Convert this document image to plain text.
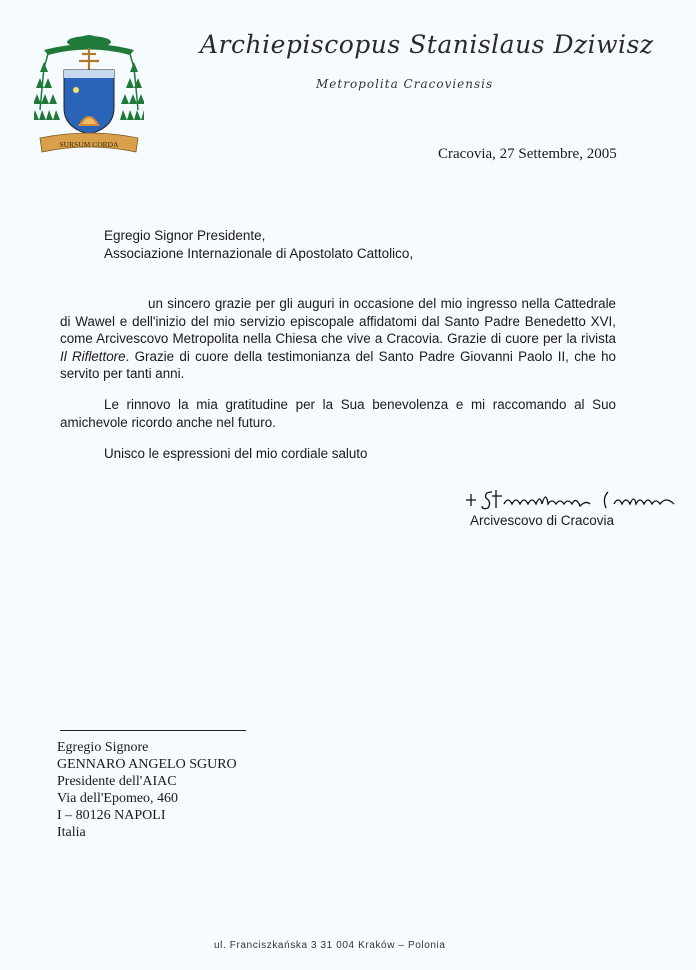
SURSUM CORDA
Archiepiscopus Stanislaus Dziwisz
Metropolita Cracoviensis
Cracovia, 27 Settembre, 2005
Egregio Signor Presidente,
Associazione Internazionale di Apostolato Cattolico,
un sincero grazie per gli auguri in occasione del mio ingresso nella Cattedrale di Wawel e dell'inizio del mio servizio episcopale affidatomi dal Santo Padre Benedetto XVI, come Arcivescovo Metropolita nella Chiesa che vive a Cracovia. Grazie di cuore per la rivista Il Riflettore. Grazie di cuore della testimonianza del Santo Padre Giovanni Paolo II, che ho servito per tanti anni.
Le rinnovo la mia gratitudine per la Sua benevolenza e mi raccomando al Suo amichevole ricordo anche nel futuro.
Unisco le espressioni del mio cordiale saluto
Arcivescovo di Cracovia
Egregio Signore
GENNARO ANGELO SGURO
Presidente dell'AIAC
Via dell'Epomeo, 460
I – 80126 NAPOLI
Italia
ul. Franciszkańska 3 31 004 Kraków – Polonia
